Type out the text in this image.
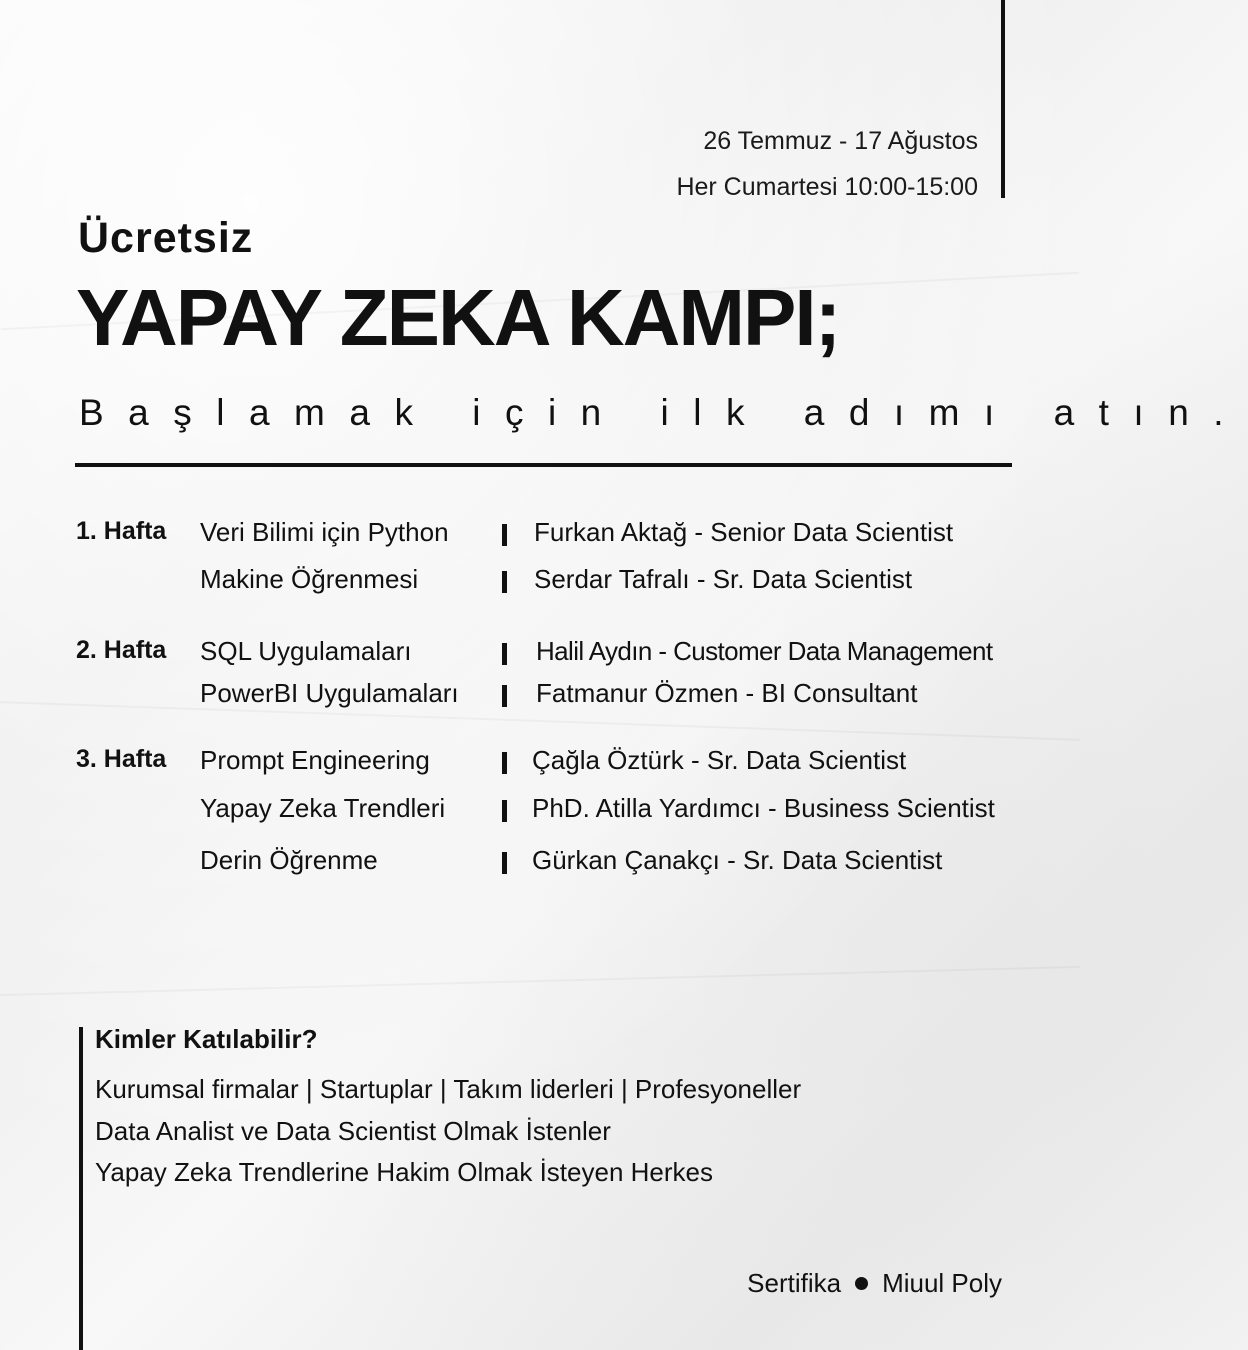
26 Temmuz - 17 Ağustos
Her Cumartesi 10:00-15:00
Ücretsiz
YAPAY ZEKA KAMPI;
Başlamak için ilk adımı atın.
1. Hafta Veri Bilimi için Python	Furkan Aktağ - Senior Data Scientist
Makine Öğrenmesi	Serdar Tafralı - Sr. Data Scientist
2. Hafta SQL Uygulamaları	Halil Aydın - Customer Data Management
PowerBI Uygulamaları	Fatmanur Özmen - BI Consultant
3. Hafta Prompt Engineering	Çağla Öztürk - Sr. Data Scientist
Yapay Zeka Trendleri	PhD. Atilla Yardımcı - Business Scientist
Derin Öğrenme	Gürkan Çanakçı - Sr. Data Scientist
Kimler Katılabilir?
Kurumsal firmalar | Startuplar | Takım liderleri | Profesyoneller
Data Analist ve Data Scientist Olmak İstenler
Yapay Zeka Trendlerine Hakim Olmak İsteyen Herkes
Sertifika Miuul Poly
